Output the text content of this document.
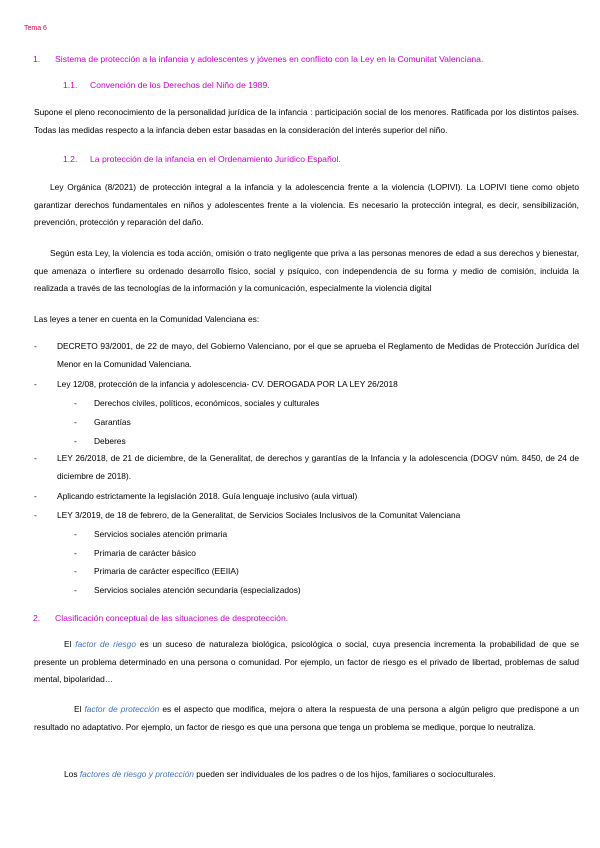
Tema 6
1. Sistema de protección a la infancia y adolescentes y jóvenes en conflicto con la Ley en la Comunitat Valenciana.
1.1. Convención de los Derechos del Niño de 1989.
Supone el pleno reconocimiento de la personalidad jurídica de la infancia : participación social de los menores. Ratificada por los distintos países. Todas las medidas respecto a la infancia deben estar basadas en la consideración del interés superior del niño.
1.2. La protección de la infancia en el Ordenamiento Jurídico Español.
Ley Orgánica (8/2021) de protección integral a la infancia y la adolescencia frente a la violencia (LOPIVI). La LOPIVI tiene como objeto garantizar derechos fundamentales en niños y adolescentes frente a la violencia. Es necesario la protección integral, es decir, sensibilización, prevención, protección y reparación del daño.
Según esta Ley, la violencia es toda acción, omisión o trato negligente que priva a las personas menores de edad a sus derechos y bienestar, que amenaza o interfiere su ordenado desarrollo físico, social y psíquico, con independencia de su forma y medio de comisión, incluida la realizada a través de las tecnologías de la información y la comunicación, especialmente la violencia digital
Las leyes a tener en cuenta en la Comunidad Valenciana es:
- DECRETO 93/2001, de 22 de mayo, del Gobierno Valenciano, por el que se aprueba el Reglamento de Medidas de Protección Jurídica del Menor en la Comunidad Valenciana.
- Ley 12/08, protección de la infancia y adolescencia- CV. DEROGADA POR LA LEY 26/2018
- Derechos civiles, políticos, económicos, sociales y culturales
- Garantías
- Deberes
- LEY 26/2018, de 21 de diciembre, de la Generalitat, de derechos y garantías de la Infancia y la adolescencia (DOGV núm. 8450, de 24 de diciembre de 2018).
- Aplicando estrictamente la legislación 2018. Guía lenguaje inclusivo (aula virtual)
- LEY 3/2019, de 18 de febrero, de la Generalitat, de Servicios Sociales Inclusivos de la Comunitat Valenciana
- Servicios sociales atención primaria
- Primaria de carácter básico
- Primaria de carácter específico (EEIIA)
- Servicios sociales atención secundaria (especializados)
2. Clasificación conceptual de las situaciones de desprotección.
El factor de riesgo es un suceso de naturaleza biológica, psicológica o social, cuya presencia incrementa la probabilidad de que se presente un problema determinado en una persona o comunidad. Por ejemplo, un factor de riesgo es el privado de libertad, problemas de salud mental, bipolaridad…
El factor de protección es el aspecto que modifica, mejora o altera la respuesta de una persona a algún peligro que predispone a un resultado no adaptativo. Por ejemplo, un factor de riesgo es que una persona que tenga un problema se medique, porque lo neutraliza.
Los factores de riesgo y protección pueden ser individuales de los padres o de los hijos, familiares o socioculturales.
